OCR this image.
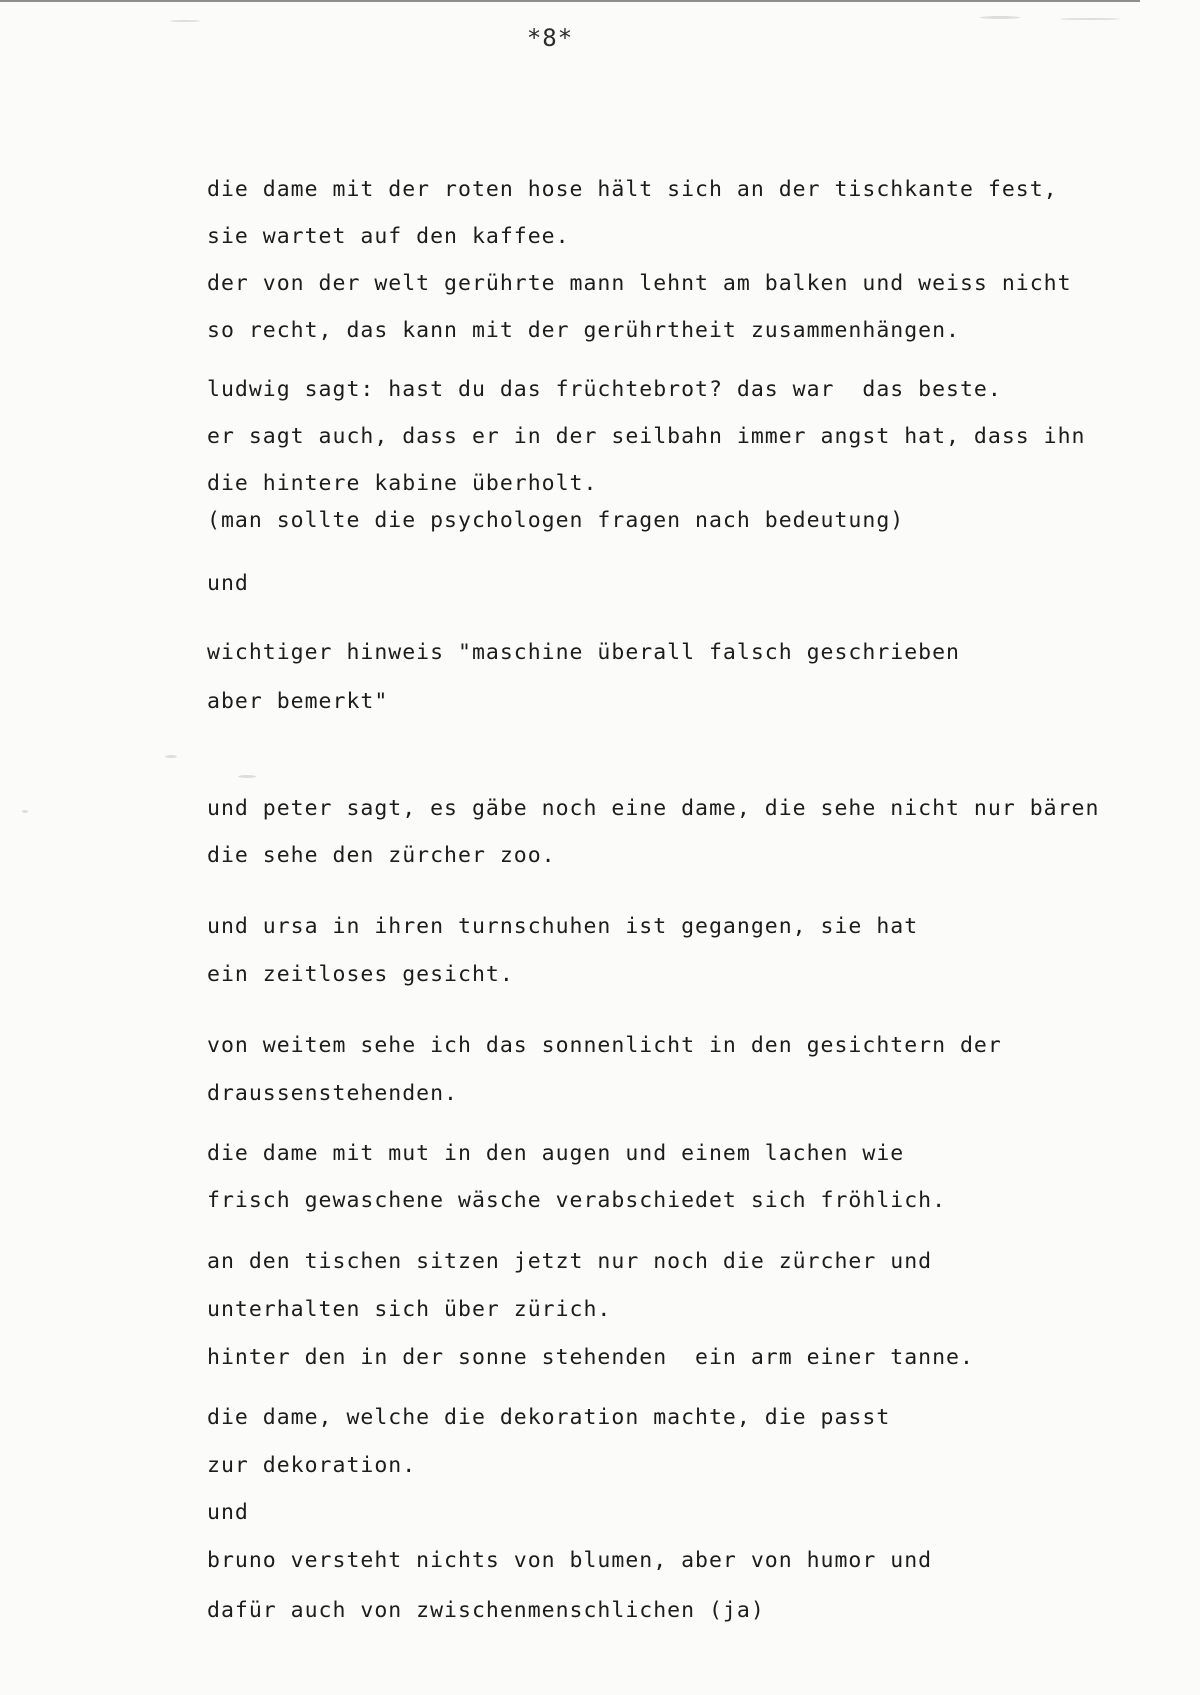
*8*

die dame mit der roten hose hält sich an der tischkante fest,

sie wartet auf den kaffee.

der von der welt gerührte mann lehnt am balken und weiss nicht

so recht, das kann mit der gerührtheit zusammenhängen.

ludwig sagt: hast du das früchtebrot? das war  das beste.

er sagt auch, dass er in der seilbahn immer angst hat, dass ihn

die hintere kabine überholt.

(man sollte die psychologen fragen nach bedeutung)

und

wichtiger hinweis "maschine überall falsch geschrieben

aber bemerkt"

und peter sagt, es gäbe noch eine dame, die sehe nicht nur bären

die sehe den zürcher zoo.

und ursa in ihren turnschuhen ist gegangen, sie hat

ein zeitloses gesicht.

von weitem sehe ich das sonnenlicht in den gesichtern der

draussenstehenden.

die dame mit mut in den augen und einem lachen wie

frisch gewaschene wäsche verabschiedet sich fröhlich.

an den tischen sitzen jetzt nur noch die zürcher und

unterhalten sich über zürich.

hinter den in der sonne stehenden  ein arm einer tanne.

die dame, welche die dekoration machte, die passt

zur dekoration.

und

bruno versteht nichts von blumen, aber von humor und

dafür auch von zwischenmenschlichen (ja)
